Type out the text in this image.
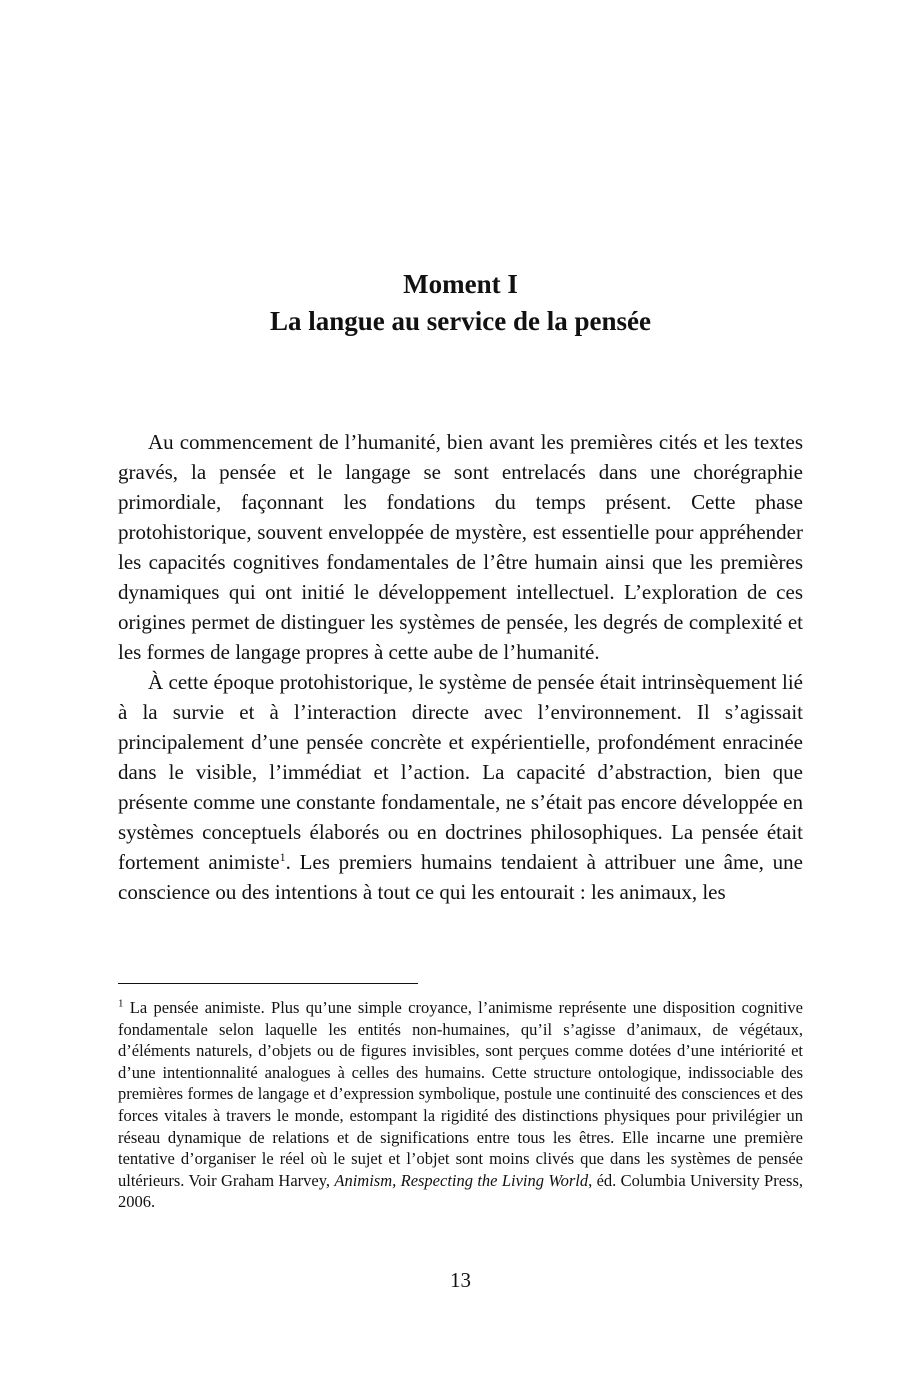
Moment I
La langue au service de la pensée

Au commencement de l’humanité, bien avant les premières cités et les textes gravés, la pensée et le langage se sont entrelacés dans une chorégraphie primordiale, façonnant les fondations du temps présent. Cette phase protohistorique, souvent enveloppée de mystère, est essentielle pour appréhender les capacités cognitives fondamentales de l’être humain ainsi que les premières dynamiques qui ont initié le développement intellectuel. L’exploration de ces origines permet de distinguer les systèmes de pensée, les degrés de complexité et les formes de langage propres à cette aube de l’humanité.

À cette époque protohistorique, le système de pensée était intrinsèquement lié à la survie et à l’interaction directe avec l’environnement. Il s’agissait principalement d’une pensée concrète et expérientielle, profondément enracinée dans le visible, l’immédiat et l’action. La capacité d’abstraction, bien que présente comme une constante fondamentale, ne s’était pas encore développée en systèmes conceptuels élaborés ou en doctrines philosophiques. La pensée était fortement animiste$^1$. Les premiers humains tendaient à attribuer une âme, une conscience ou des intentions à tout ce qui les entourait : les animaux, les

$^1$ La pensée animiste. Plus qu’une simple croyance, l’animisme représente une disposition cognitive fondamentale selon laquelle les entités non-humaines, qu’il s’agisse d’animaux, de végétaux, d’éléments naturels, d’objets ou de figures invisibles, sont perçues comme dotées d’une intériorité et d’une intentionnalité analogues à celles des humains. Cette structure ontologique, indissociable des premières formes de langage et d’expression symbolique, postule une continuité des consciences et des forces vitales à travers le monde, estompant la rigidité des distinctions physiques pour privilégier un réseau dynamique de relations et de significations entre tous les êtres. Elle incarne une première tentative d’organiser le réel où le sujet et l’objet sont moins clivés que dans les systèmes de pensée ultérieurs. Voir Graham Harvey, Animism, Respecting the Living World, éd. Columbia University Press, 2006.

13
